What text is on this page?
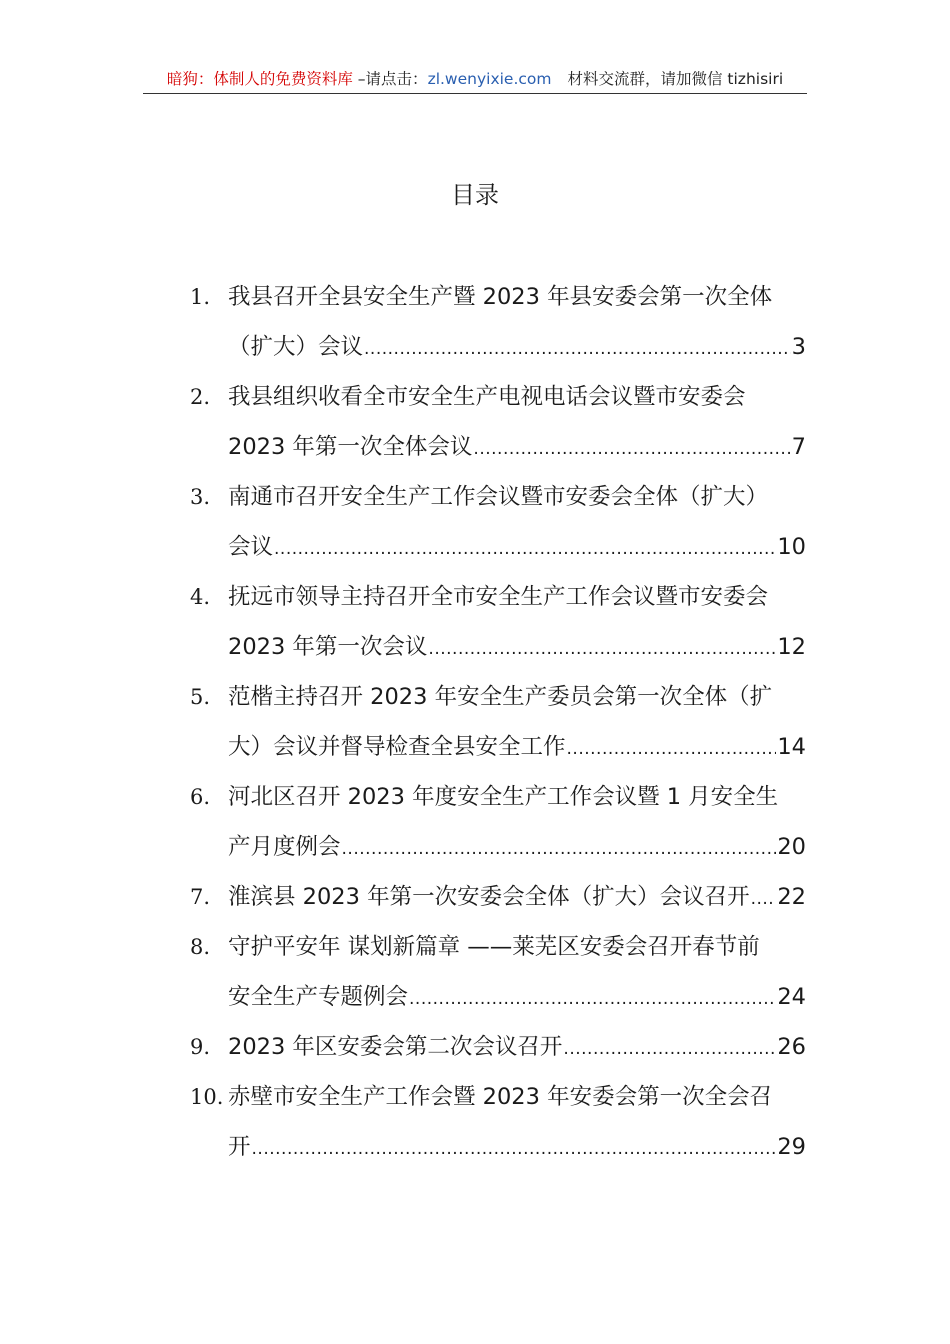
暗狗：体制人的免费资料库 –请点击：zl.wenyixie.com 材料交流群，请加微信 tizhisiri
目录
1. 我县召开全县安全生产暨 2023 年县安委会第一次全体
（扩大）会议 .....	3
2. 我县组织收看全市安全生产电视电话会议暨市安委会
2023 年第一次全体会议 .....	7
3. 南通市召开安全生产工作会议暨市安委会全体（扩大）
会议 .....	10
4. 抚远市领导主持召开全市安全生产工作会议暨市安委会
2023 年第一次会议 .....	12
5. 范楷主持召开 2023 年安全生产委员会第一次全体（扩
大）会议并督导检查全县安全工作 .....	14
6. 河北区召开 2023 年度安全生产工作会议暨 1 月安全生
产月度例会 .....	20
7. 淮滨县 2023 年第一次安委会全体（扩大）会议召开 ..... 22
8. 守护平安年 谋划新篇章 ——莱芜区安委会召开春节前
安全生产专题例会 .....	24
9. 2023 年区安委会第二次会议召开 .....	26
10. 赤壁市安全生产工作会暨 2023 年安委会第一次全会召
开 .....	29
